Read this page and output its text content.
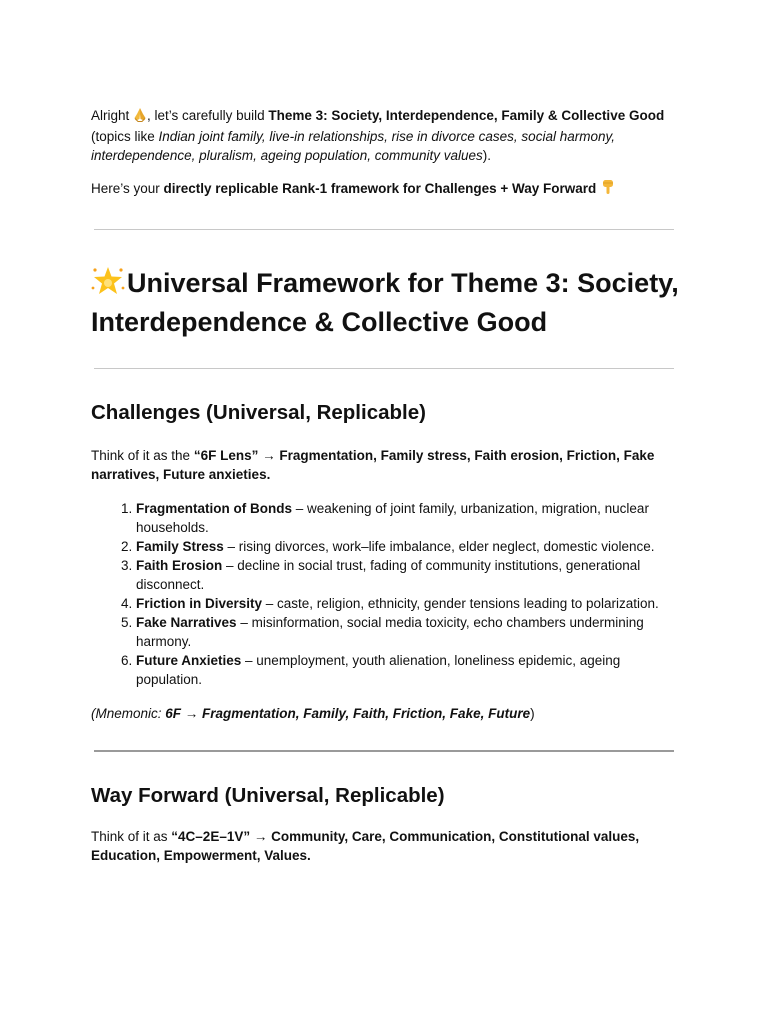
Alright , let’s carefully build Theme 3: Society, Interdependence, Family & Collective Good (topics like Indian joint family, live-in relationships, rise in divorce cases, social harmony, interdependence, pluralism, ageing population, community values).

Here’s your directly replicable Rank-1 framework for Challenges + Way Forward

Universal Framework for Theme 3: Society, Interdependence & Collective Good
Challenges (Universal, Replicable)

Think of it as the “6F Lens” → Fragmentation, Family stress, Faith erosion, Friction, Fake narratives, Future anxieties.

1. Fragmentation of Bonds – weakening of joint family, urbanization, migration, nuclear households.
2. Family Stress – rising divorces, work–life imbalance, elder neglect, domestic violence.
3. Faith Erosion – decline in social trust, fading of community institutions, generational disconnect.
4. Friction in Diversity – caste, religion, ethnicity, gender tensions leading to polarization.
5. Fake Narratives – misinformation, social media toxicity, echo chambers undermining harmony.
6. Future Anxieties – unemployment, youth alienation, loneliness epidemic, ageing population.

(Mnemonic: 6F → Fragmentation, Family, Faith, Friction, Fake, Future)

Way Forward (Universal, Replicable)

Think of it as “4C–2E–1V” → Community, Care, Communication, Constitutional values, Education, Empowerment, Values.
